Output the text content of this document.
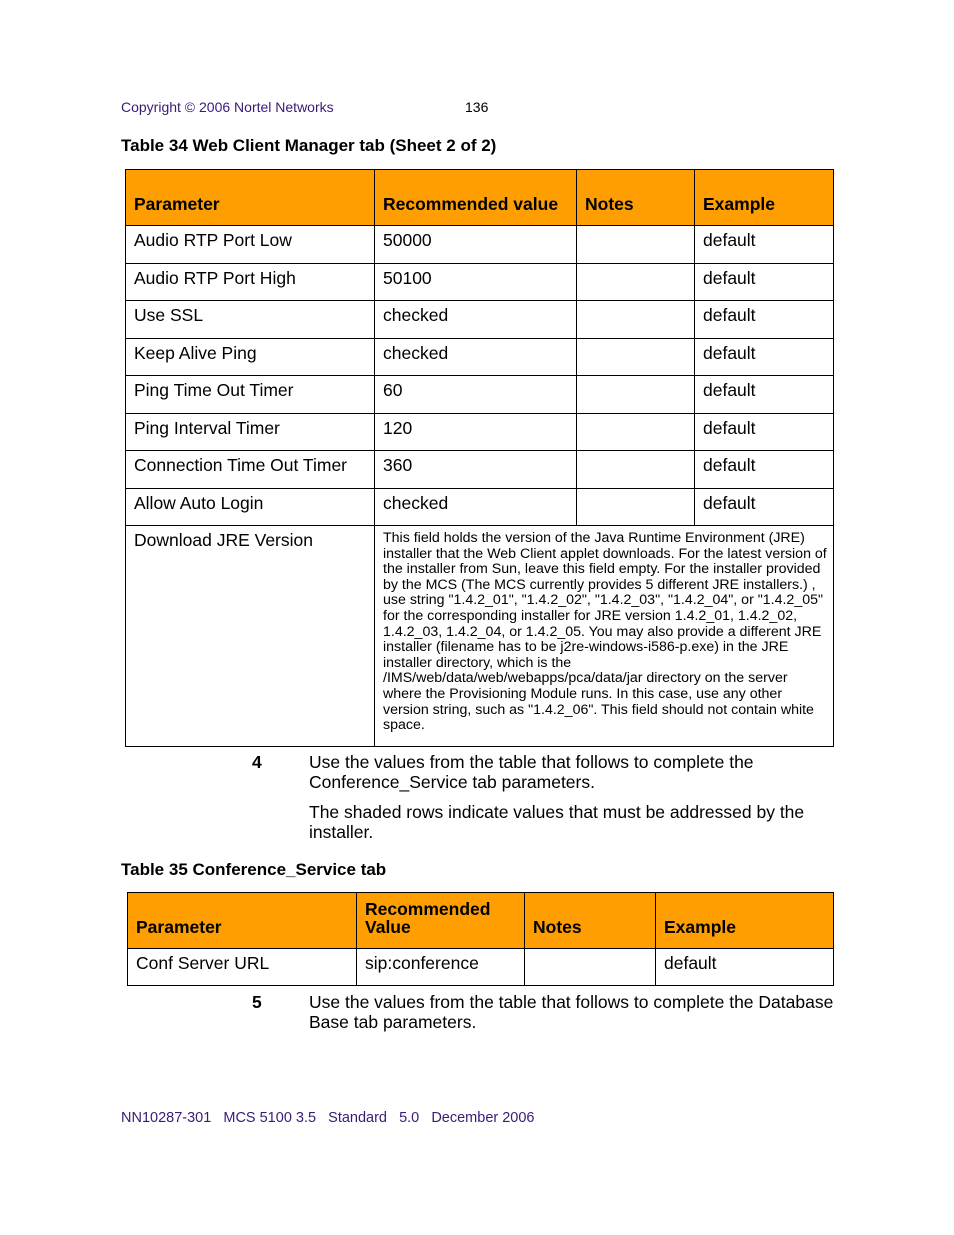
Copyright © 2006 Nortel Networks	136
Table 34 Web Client Manager tab (Sheet 2 of 2)
Parameter	Recommended value	Notes	Example
Audio RTP Port Low	50000		default
Audio RTP Port High	50100		default
Use SSL	checked		default
Keep Alive Ping	checked		default
Ping Time Out Timer	60		default
Ping Interval Timer	120		default
Connection Time Out Timer	360		default
Allow Auto Login	checked		default
Download JRE Version	This field holds the version of the Java Runtime Environment (JRE) installer that the Web Client applet downloads. For the latest version of the installer from Sun, leave this field empty. For the installer provided by the MCS (The MCS currently provides 5 different JRE installers.) , use string "1.4.2_01", "1.4.2_02", "1.4.2_03", "1.4.2_04", or "1.4.2_05" for the corresponding installer for JRE version 1.4.2_01, 1.4.2_02, 1.4.2_03, 1.4.2_04, or 1.4.2_05. You may also provide a different JRE installer (filename has to be j2re-windows-i586-p.exe) in the JRE installer directory, which is the /IMS/web/data/web/webapps/pca/data/jar directory on the server where the Provisioning Module runs. In this case, use any other version string, such as "1.4.2_06". This field should not contain white space.		
4	Use the values from the table that follows to complete the Conference_Service tab parameters.
The shaded rows indicate values that must be addressed by the installer.
Table 35 Conference_Service tab
Parameter	Recommended Value	Notes	Example
Conf Server URL	sip:conference		default
5	Use the values from the table that follows to complete the Database Base tab parameters.
NN10287-301   MCS 5100 3.5   Standard   5.0   December 2006
